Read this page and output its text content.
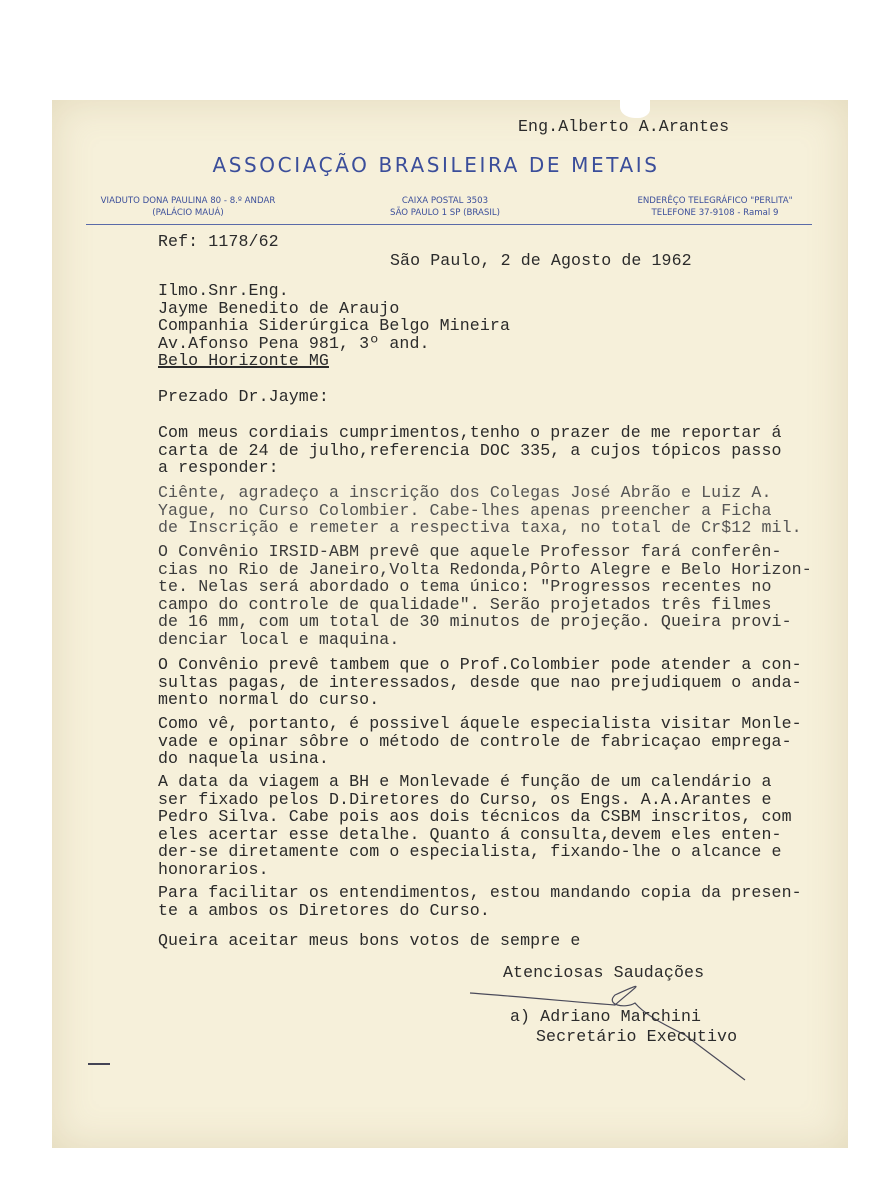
Eng.Alberto A.Arantes
ASSOCIAÇÃO BRASILEIRA DE METAIS
VIADUTO DONA PAULINA 80 - 8.º ANDAR
(PALÁCIO MAUÁ)
CAIXA POSTAL 3503
SÃO PAULO 1 SP (BRASIL)
ENDERÊÇO TELEGRÁFICO "PERLITA"
TELEFONE 37-9108 - Ramal 9
Ref: 1178/62
São Paulo, 2 de Agosto de 1962
Ilmo.Snr.Eng.
Jayme Benedito de Araujo
Companhia Siderúrgica Belgo Mineira
Av.Afonso Pena 981, 3º and.
Belo Horizonte MG
Prezado Dr.Jayme:
Com meus cordiais cumprimentos,tenho o prazer de me reportar á
carta de 24 de julho,referencia DOC 335, a cujos tópicos passo
a responder:
Ciênte, agradeço a inscrição dos Colegas José Abrão e Luiz A.
Yague, no Curso Colombier. Cabe-lhes apenas preencher a Ficha
de Inscrição e remeter a respectiva taxa, no total de Cr$12 mil.
O Convênio IRSID-ABM prevê que aquele Professor fará conferên-
cias no Rio de Janeiro,Volta Redonda,Pôrto Alegre e Belo Horizon-
te. Nelas será abordado o tema único: "Progressos recentes no
campo do controle de qualidade". Serão projetados três filmes
de 16 mm, com um total de 30 minutos de projeção. Queira provi-
denciar local e maquina.
O Convênio prevê tambem que o Prof.Colombier pode atender a con-
sultas pagas, de interessados, desde que nao prejudiquem o anda-
mento normal do curso.
Como vê, portanto, é possivel áquele especialista visitar Monle-
vade e opinar sôbre o método de controle de fabricaçao emprega-
do naquela usina.
A data da viagem a BH e Monlevade é função de um calendário a
ser fixado pelos D.Diretores do Curso, os Engs. A.A.Arantes e
Pedro Silva. Cabe pois aos dois técnicos da CSBM inscritos, com
eles acertar esse detalhe. Quanto á consulta,devem eles enten-
der-se diretamente com o especialista, fixando-lhe o alcance e
honorarios.
Para facilitar os entendimentos, estou mandando copia da presen-
te a ambos os Diretores do Curso.
Queira aceitar meus bons votos de sempre e
Atenciosas Saudações
a) Adriano Marchini
Secretário Executivo
